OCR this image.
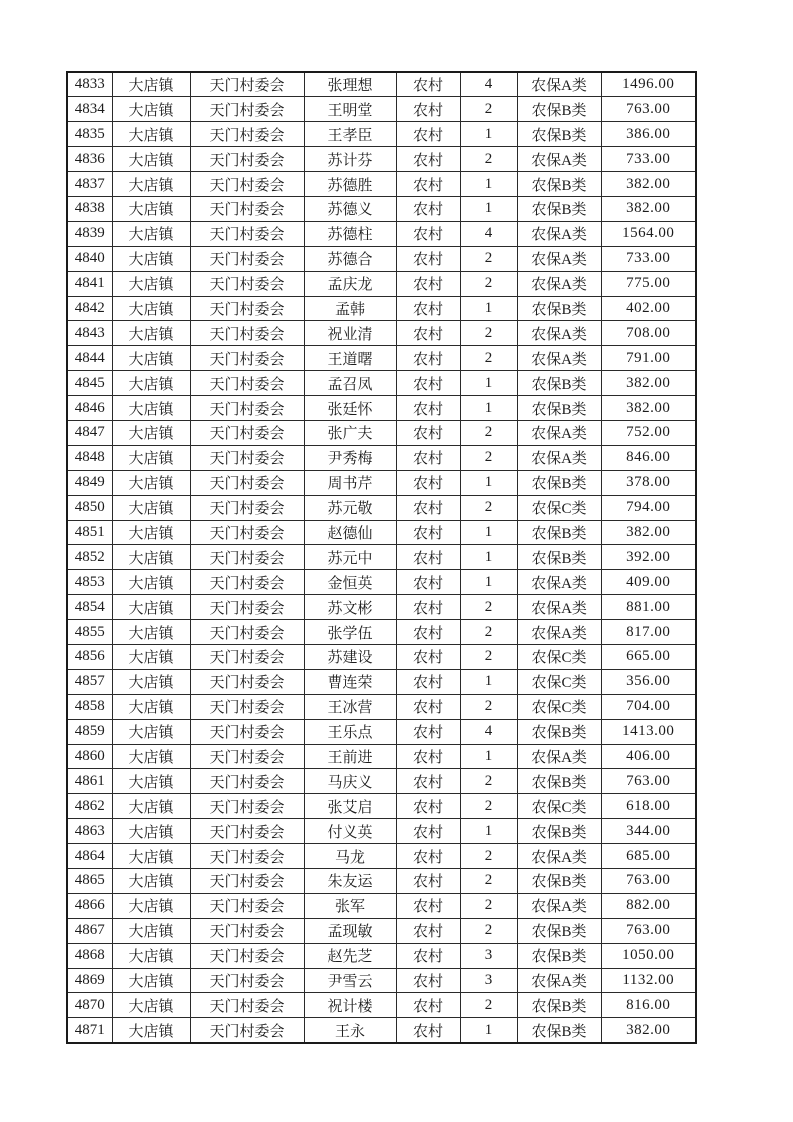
4833	大店镇	天门村委会	张理想	农村	4	农保A类	1496.00
4834	大店镇	天门村委会	王明堂	农村	2	农保B类	763.00
4835	大店镇	天门村委会	王孝臣	农村	1	农保B类	386.00
4836	大店镇	天门村委会	苏计芬	农村	2	农保A类	733.00
4837	大店镇	天门村委会	苏德胜	农村	1	农保B类	382.00
4838	大店镇	天门村委会	苏德义	农村	1	农保B类	382.00
4839	大店镇	天门村委会	苏德柱	农村	4	农保A类	1564.00
4840	大店镇	天门村委会	苏德合	农村	2	农保A类	733.00
4841	大店镇	天门村委会	孟庆龙	农村	2	农保A类	775.00
4842	大店镇	天门村委会	孟韩	农村	1	农保B类	402.00
4843	大店镇	天门村委会	祝业清	农村	2	农保A类	708.00
4844	大店镇	天门村委会	王道曙	农村	2	农保A类	791.00
4845	大店镇	天门村委会	孟召凤	农村	1	农保B类	382.00
4846	大店镇	天门村委会	张廷怀	农村	1	农保B类	382.00
4847	大店镇	天门村委会	张广夫	农村	2	农保A类	752.00
4848	大店镇	天门村委会	尹秀梅	农村	2	农保A类	846.00
4849	大店镇	天门村委会	周书芹	农村	1	农保B类	378.00
4850	大店镇	天门村委会	苏元敬	农村	2	农保C类	794.00
4851	大店镇	天门村委会	赵德仙	农村	1	农保B类	382.00
4852	大店镇	天门村委会	苏元中	农村	1	农保B类	392.00
4853	大店镇	天门村委会	金恒英	农村	1	农保A类	409.00
4854	大店镇	天门村委会	苏文彬	农村	2	农保A类	881.00
4855	大店镇	天门村委会	张学伍	农村	2	农保A类	817.00
4856	大店镇	天门村委会	苏建设	农村	2	农保C类	665.00
4857	大店镇	天门村委会	曹连荣	农村	1	农保C类	356.00
4858	大店镇	天门村委会	王冰营	农村	2	农保C类	704.00
4859	大店镇	天门村委会	王乐点	农村	4	农保B类	1413.00
4860	大店镇	天门村委会	王前进	农村	1	农保A类	406.00
4861	大店镇	天门村委会	马庆义	农村	2	农保B类	763.00
4862	大店镇	天门村委会	张艾启	农村	2	农保C类	618.00
4863	大店镇	天门村委会	付义英	农村	1	农保B类	344.00
4864	大店镇	天门村委会	马龙	农村	2	农保A类	685.00
4865	大店镇	天门村委会	朱友运	农村	2	农保B类	763.00
4866	大店镇	天门村委会	张军	农村	2	农保A类	882.00
4867	大店镇	天门村委会	孟现敏	农村	2	农保B类	763.00
4868	大店镇	天门村委会	赵先芝	农村	3	农保B类	1050.00
4869	大店镇	天门村委会	尹雪云	农村	3	农保A类	1132.00
4870	大店镇	天门村委会	祝计楼	农村	2	农保B类	816.00
4871	大店镇	天门村委会	王永	农村	1	农保B类	382.00
